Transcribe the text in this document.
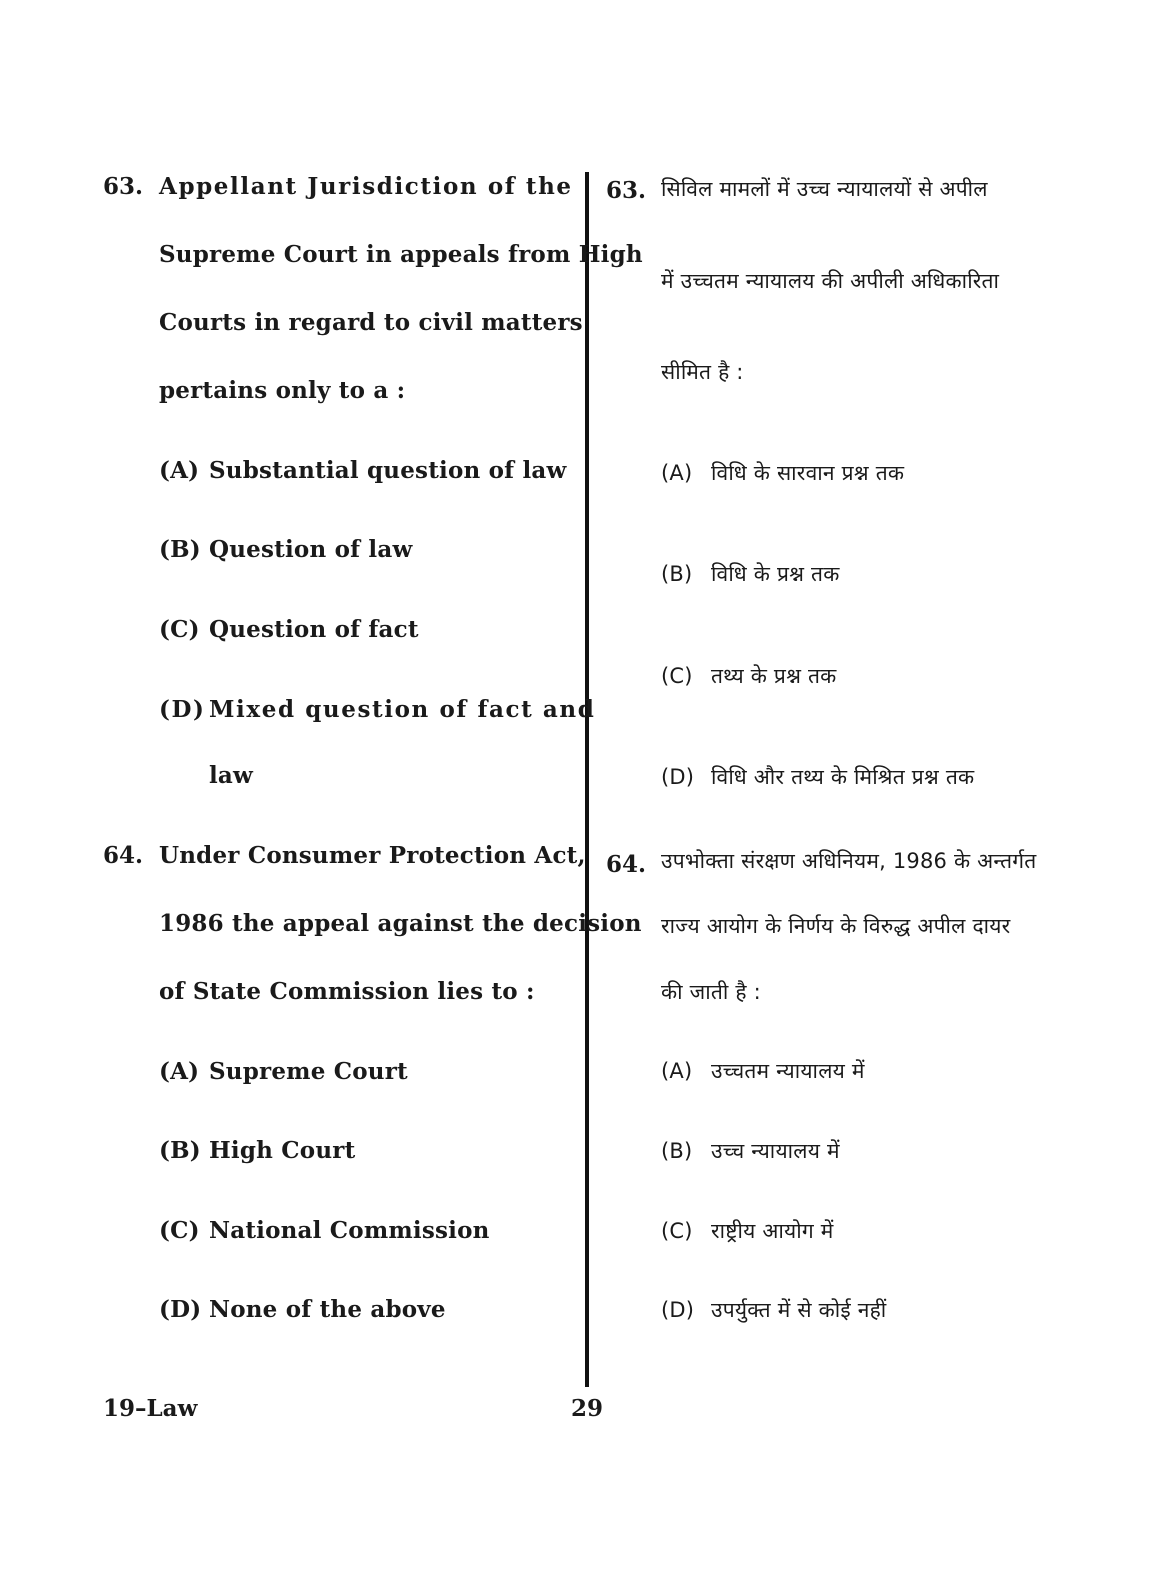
63. Appellant Jurisdiction of the
Supreme Court in appeals from High
Courts in regard to civil matters
pertains only to a :
(A) Substantial question of law
(B) Question of law
(C) Question of fact
(D) Mixed question of fact and
law
64. Under Consumer Protection Act,
1986 the appeal against the decision
of State Commission lies to :
(A) Supreme Court
(B) High Court
(C) National Commission
(D) None of the above
63. सिविल मामलों में उच्च न्यायालयों से अपील
में उच्चतम न्यायालय की अपीली अधिकारिता
सीमित है :
(A) विधि के सारवान प्रश्न तक
(B) विधि के प्रश्न तक
(C) तथ्य के प्रश्न तक
(D) विधि और तथ्य के मिश्रित प्रश्न तक
64. उपभोक्ता संरक्षण अधिनियम, 1986 के अन्तर्गत
राज्य आयोग के निर्णय के विरुद्ध अपील दायर
की जाती है :
(A) उच्चतम न्यायालय में
(B) उच्च न्यायालय में
(C) राष्ट्रीय आयोग में
(D) उपर्युक्त में से कोई नहीं
19–Law	29
